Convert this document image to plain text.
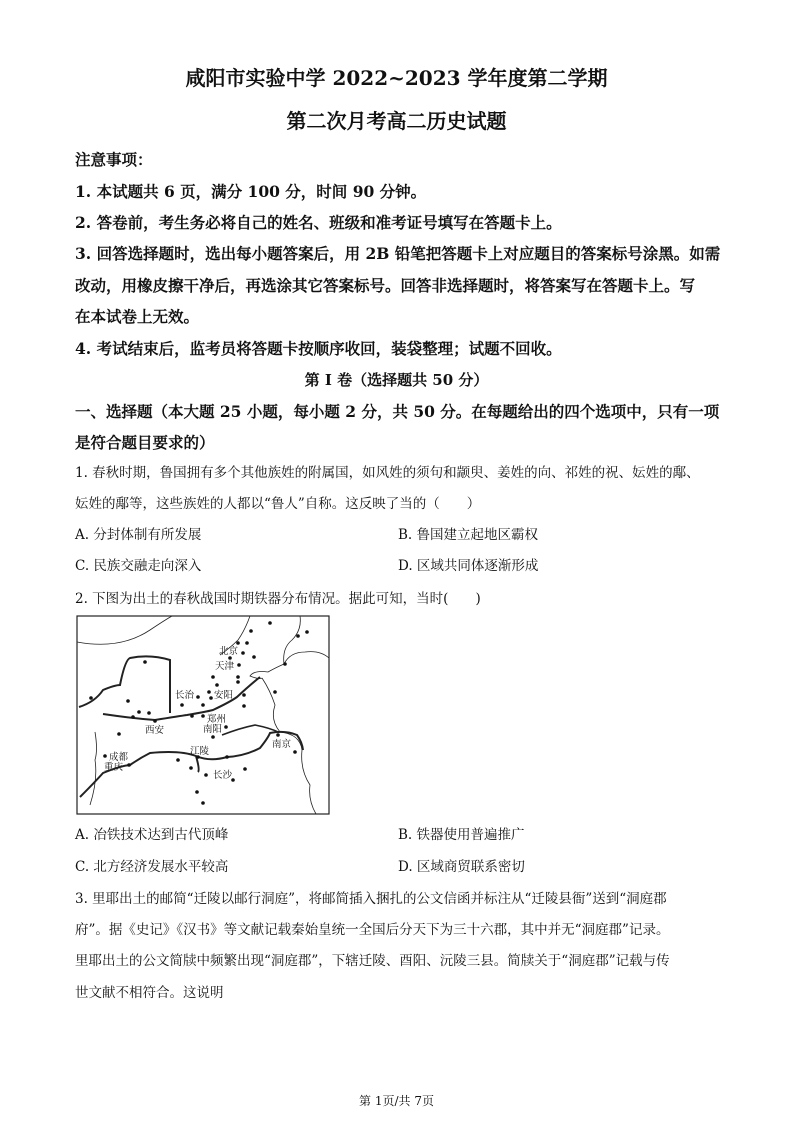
咸阳市实验中学 2022~2023 学年度第二学期
第二次月考高二历史试题
注意事项：
1. 本试题共 6 页，满分 100 分，时间 90 分钟。
2. 答卷前，考生务必将自己的姓名、班级和准考证号填写在答题卡上。
3. 回答选择题时，选出每小题答案后，用 2B 铅笔把答题卡上对应题目的答案标号涂黑。如需
改动，用橡皮擦干净后，再选涂其它答案标号。回答非选择题时，将答案写在答题卡上。写
在本试卷上无效。
4. 考试结束后，监考员将答题卡按顺序收回，装袋整理；试题不回收。
第 I 卷（选择题共 50 分）
一、选择题（本大题 25 小题，每小题 2 分，共 50 分。在每题给出的四个选项中，只有一项
是符合题目要求的）
1. 春秋时期，鲁国拥有多个其他族姓的附属国，如风姓的须句和颛臾、姜姓的向、祁姓的祝、妘姓的鄅、
妘姓的鄅等，这些族姓的人都以“鲁人”自称。这反映了当的（　　）
A. 分封体制有所发展	B. 鲁国建立起地区霸权
C. 民族交融走向深入	D. 区域共同体逐渐形成
2. 下图为出土的春秋战国时期铁器分布情况。据此可知，当时(　　)
北京
天津
长治 安阳
郑州
南阳
西安
南京
江陵
成都
重庆
长沙
A. 冶铁技术达到古代顶峰	B. 铁器使用普遍推广
C. 北方经济发展水平较高	D. 区域商贸联系密切
3. 里耶出土的邮简“迁陵以邮行洞庭”，将邮简插入捆扎的公文信函并标注从“迁陵县衙”送到“洞庭郡
府”。据《史记》《汉书》等文献记载秦始皇统一全国后分天下为三十六郡，其中并无“洞庭郡”记录。
里耶出土的公文简牍中频繁出现“洞庭郡”，下辖迁陵、酉阳、沅陵三县。简牍关于“洞庭郡”记载与传
世文献不相符合。这说明
第 1页/共 7页
